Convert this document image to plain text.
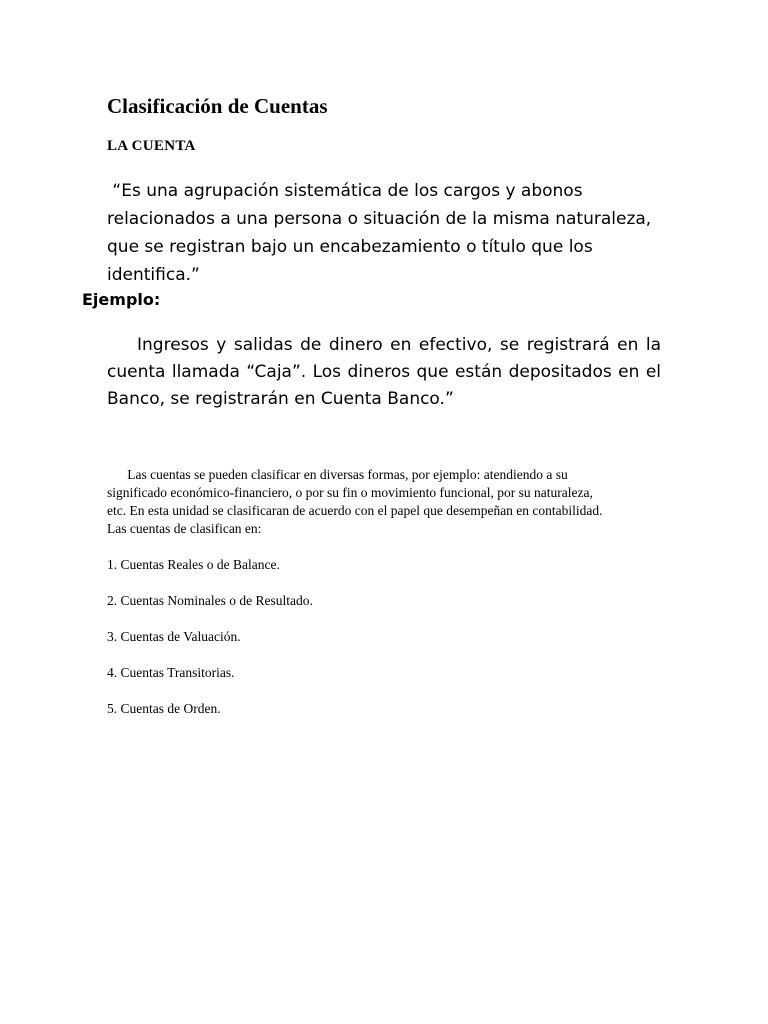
Clasificación de Cuentas
LA CUENTA

“Es una agrupación sistemática de los cargos y abonos
relacionados a una persona o situación de la misma naturaleza,
que se registran bajo un encabezamiento o título que los
identifica.”

Ejemplo:

Ingresos y salidas de dinero en efectivo, se registrará en la
cuenta llamada “Caja”. Los dineros que están depositados en el
Banco, se registrarán en Cuenta Banco.”

Las cuentas se pueden clasificar en diversas formas, por ejemplo: atendiendo a su
significado económico-financiero, o por su fin o movimiento funcional, por su naturaleza,
etc. En esta unidad se clasificaran de acuerdo con el papel que desempeñan en contabilidad.
Las cuentas de clasifican en:

1. Cuentas Reales o de Balance.
2. Cuentas Nominales o de Resultado.
3. Cuentas de Valuación.
4. Cuentas Transitorias.
5. Cuentas de Orden.
